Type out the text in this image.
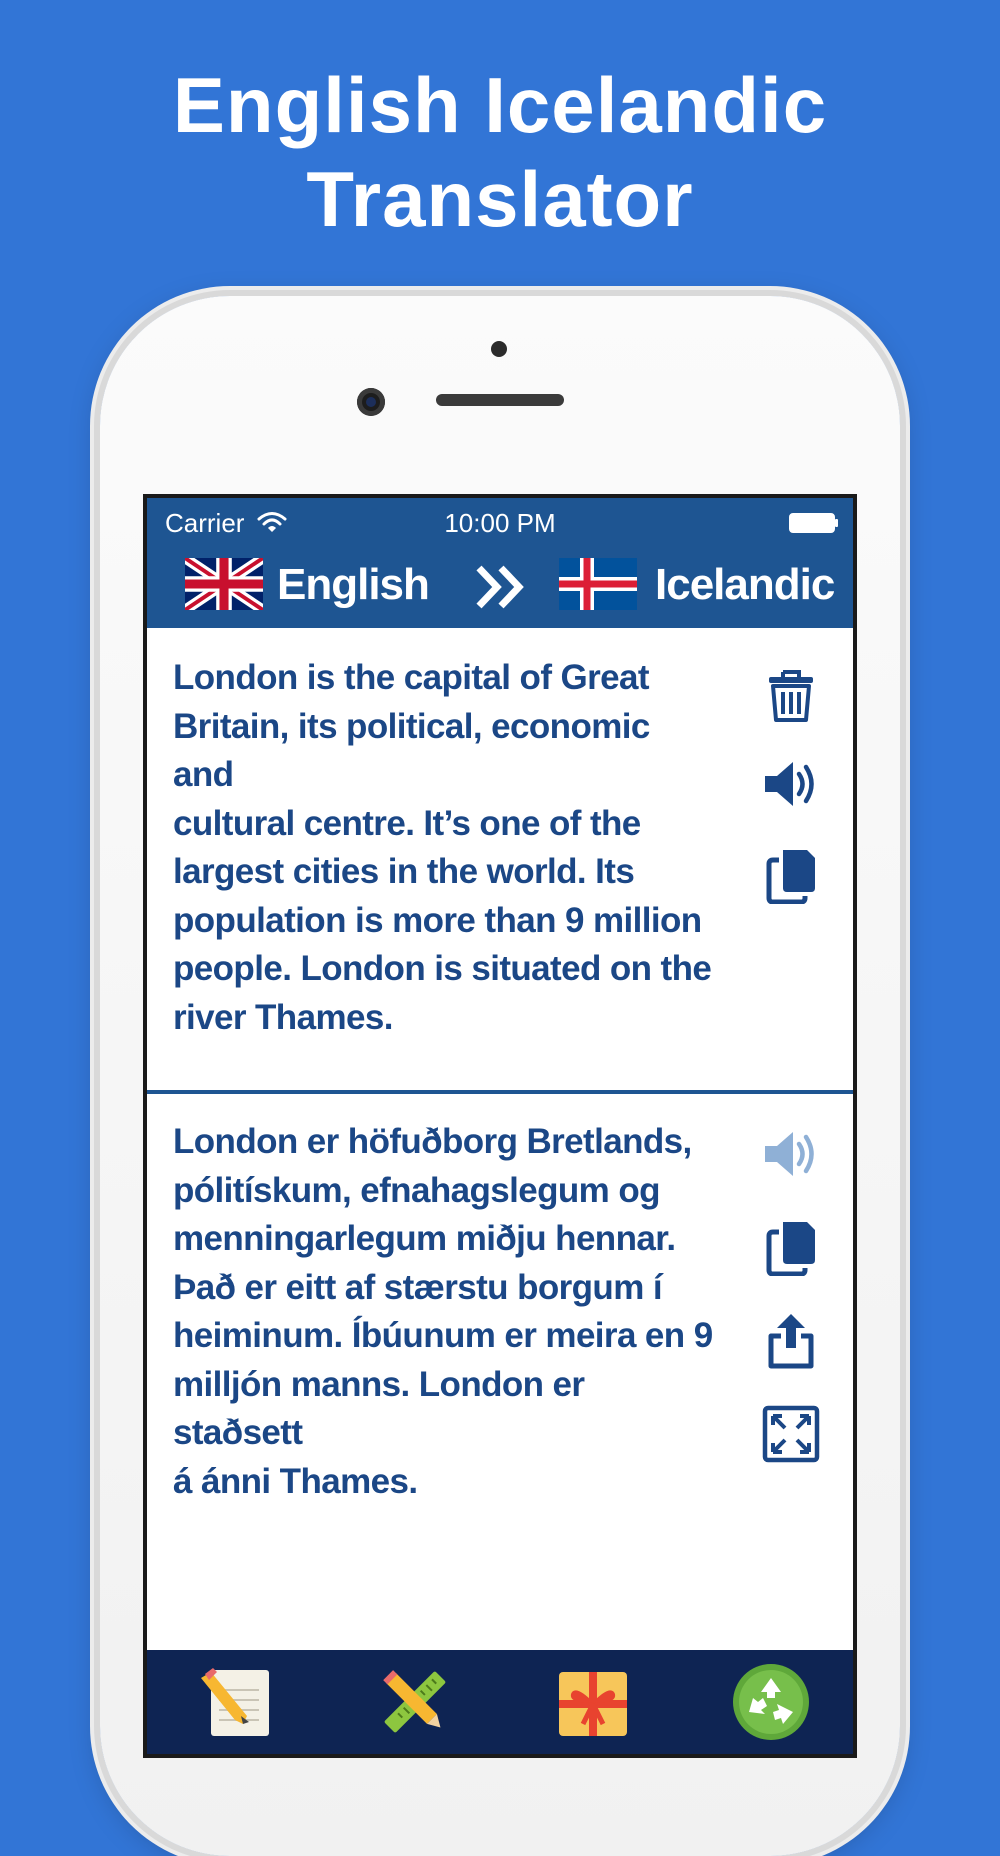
English Icelandic
Translator
Carrier	10:00 PM
English	Icelandic
London is the capital of Great
Britain, its political, economic and
cultural centre. It’s one of the
largest cities in the world. Its
population is more than 9 million
people. London is situated on the
river Thames.
London er höfuðborg Bretlands,
pólitískum, efnahagslegum og
menningarlegum miðju hennar.
Það er eitt af stærstu borgum í
heiminum. Íbúunum er meira en 9
milljón manns. London er staðsett
á ánni Thames.
